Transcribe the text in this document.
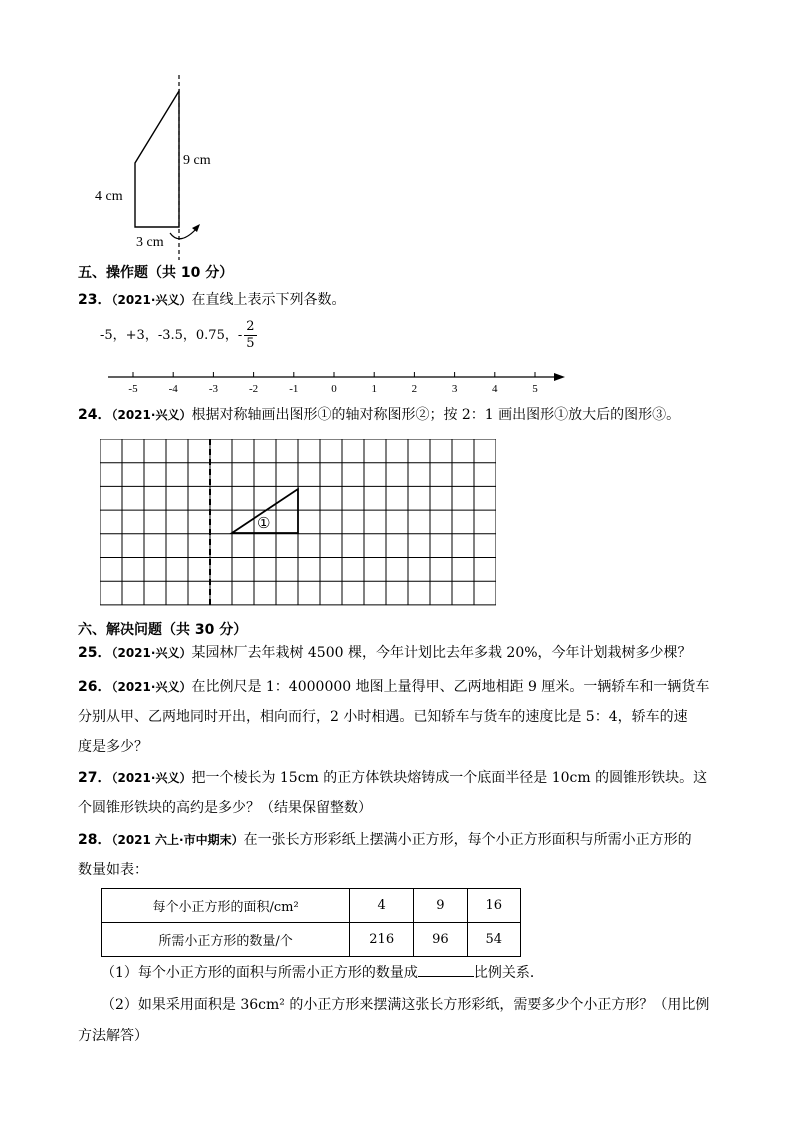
9 cm
4 cm
3 cm
五、操作题（共 10 分）
23．（2021·兴义）在直线上表示下列各数。
-5，+3，-3.5，0.75，- $\frac{2}{5}$
-5	-4	-3	-2	-1	0	1	2	3	4	5
24．（2021·兴义）根据对称轴画出图形①的轴对称图形②；按 2：1 画出图形①放大后的图形③。
①
六、解决问题（共 30 分）
25．（2021·兴义）某园林厂去年栽树 4500 棵，今年计划比去年多栽 20%，今年计划栽树多少棵？
26．（2021·兴义）在比例尺是 1：4000000 地图上量得甲、乙两地相距 9 厘米。一辆轿车和一辆货车
分别从甲、乙两地同时开出，相向而行，2 小时相遇。已知轿车与货车的速度比是 5：4，轿车的速
度是多少？
27．（2021·兴义）把一个棱长为 15cm 的正方体铁块熔铸成一个底面半径是 10cm 的圆锥形铁块。这
个圆锥形铁块的高约是多少？（结果保留整数）
28．（2021 六上·市中期末）在一张长方形彩纸上摆满小正方形，每个小正方形面积与所需小正方形的
数量如表：
每个小正方形的面积/cm²	4	9	16
所需小正方形的数量/个	216	96	54
（1）每个小正方形的面积与所需小正方形的数量成	比例关系．
（2）如果采用面积是 36cm² 的小正方形来摆满这张长方形彩纸，需要多少个小正方形？（用比例
方法解答）
